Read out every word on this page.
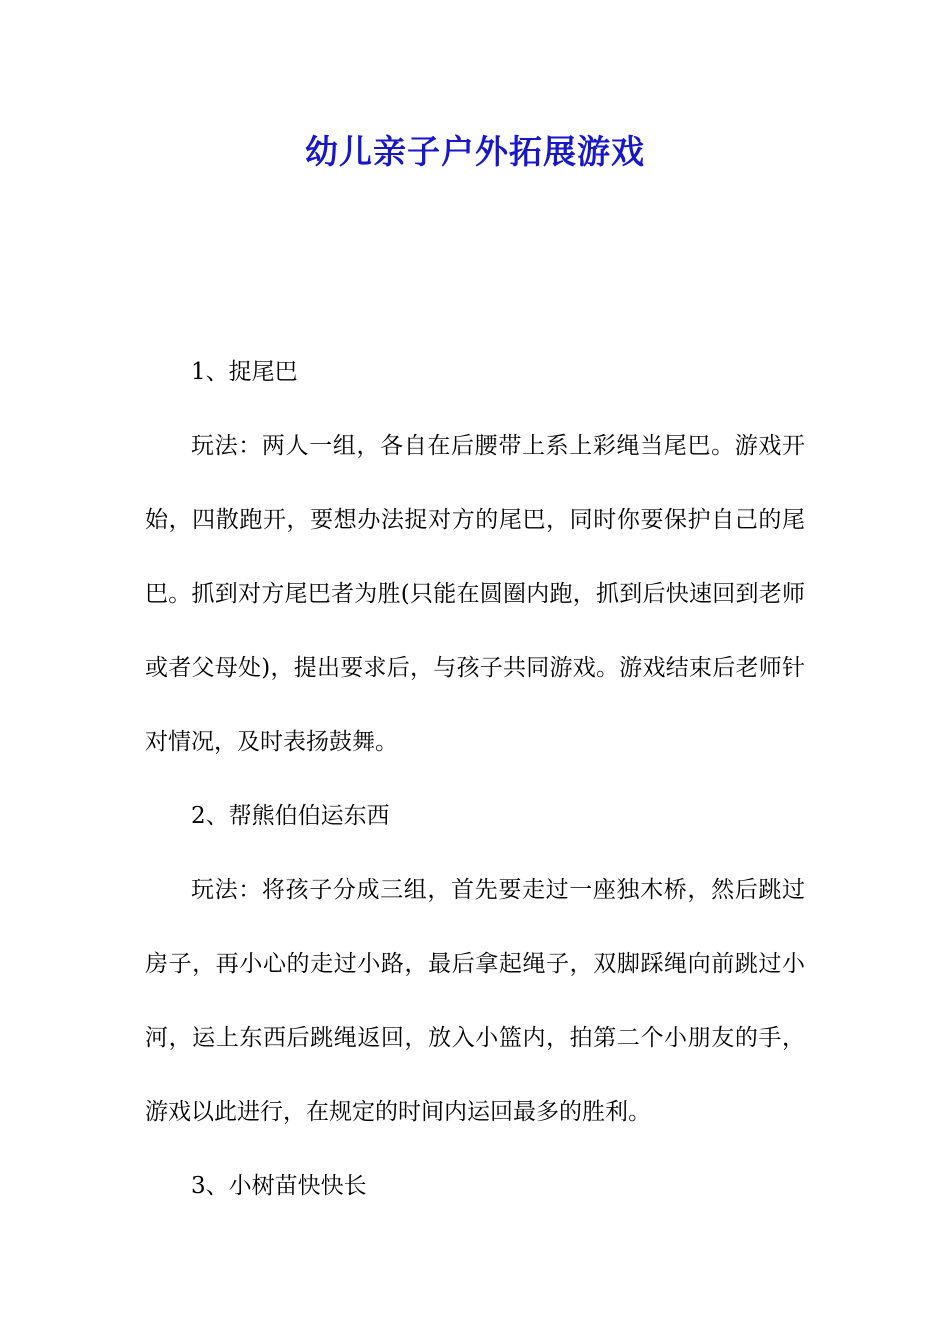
幼儿亲子户外拓展游戏

1、捉尾巴

玩法：两人一组，各自在后腰带上系上彩绳当尾巴。游戏开始，四散跑开，要想办法捉对方的尾巴，同时你要保护自己的尾巴。抓到对方尾巴者为胜(只能在圆圈内跑，抓到后快速回到老师或者父母处)，提出要求后，与孩子共同游戏。游戏结束后老师针对情况，及时表扬鼓舞。

2、帮熊伯伯运东西

玩法：将孩子分成三组，首先要走过一座独木桥，然后跳过房子，再小心的走过小路，最后拿起绳子，双脚踩绳向前跳过小河，运上东西后跳绳返回，放入小篮内，拍第二个小朋友的手，游戏以此进行，在规定的时间内运回最多的胜利。

3、小树苗快快长
